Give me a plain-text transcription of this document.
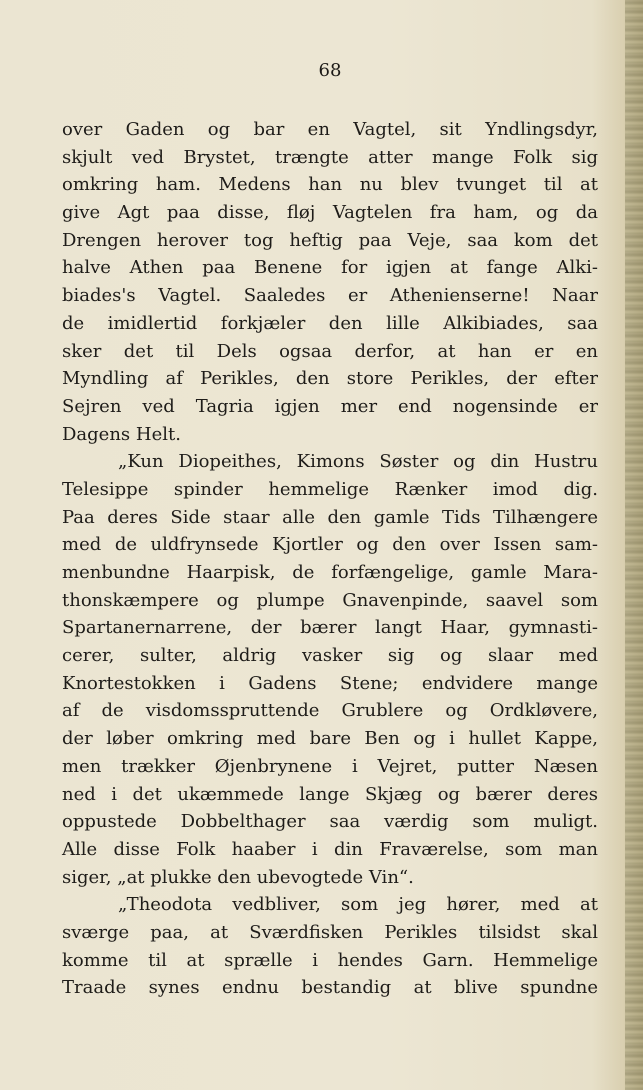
68
over Gaden og bar en Vagtel, sit Yndlingsdyr,
skjult ved Brystet, trængte atter mange Folk sig
omkring ham. Medens han nu blev tvunget til at
give Agt paa disse, fløj Vagtelen fra ham, og da
Drengen herover tog heftig paa Veje, saa kom det
halve Athen paa Benene for igjen at fange Alki-
biades's Vagtel. Saaledes er Athenienserne! Naar
de imidlertid forkjæler den lille Alkibiades, saa
sker det til Dels ogsaa derfor, at han er en
Myndling af Perikles, den store Perikles, der efter
Sejren ved Tagria igjen mer end nogensinde er
Dagens Helt.
„Kun Diopeithes, Kimons Søster og din Hustru
Telesippe spinder hemmelige Rænker imod dig.
Paa deres Side staar alle den gamle Tids Tilhængere
med de uldfrynsede Kjortler og den over Issen sam-
menbundne Haarpisk, de forfængelige, gamle Mara-
thonskæmpere og plumpe Gnavenpinde, saavel som
Spartanernarrene, der bærer langt Haar, gymnasti-
cerer, sulter, aldrig vasker sig og slaar med
Knortestokken i Gadens Stene; endvidere mange
af de visdomsspruttende Grublere og Ordkløvere,
der løber omkring med bare Ben og i hullet Kappe,
men trækker Øjenbrynene i Vejret, putter Næsen
ned i det ukæmmede lange Skjæg og bærer deres
oppustede Dobbelthager saa værdig som muligt.
Alle disse Folk haaber i din Fraværelse, som man
siger, „at plukke den ubevogtede Vin“.
„Theodota vedbliver, som jeg hører, med at
sværge paa, at Sværdfisken Perikles tilsidst skal
komme til at sprælle i hendes Garn. Hemmelige
Traade synes endnu bestandig at blive spundne
